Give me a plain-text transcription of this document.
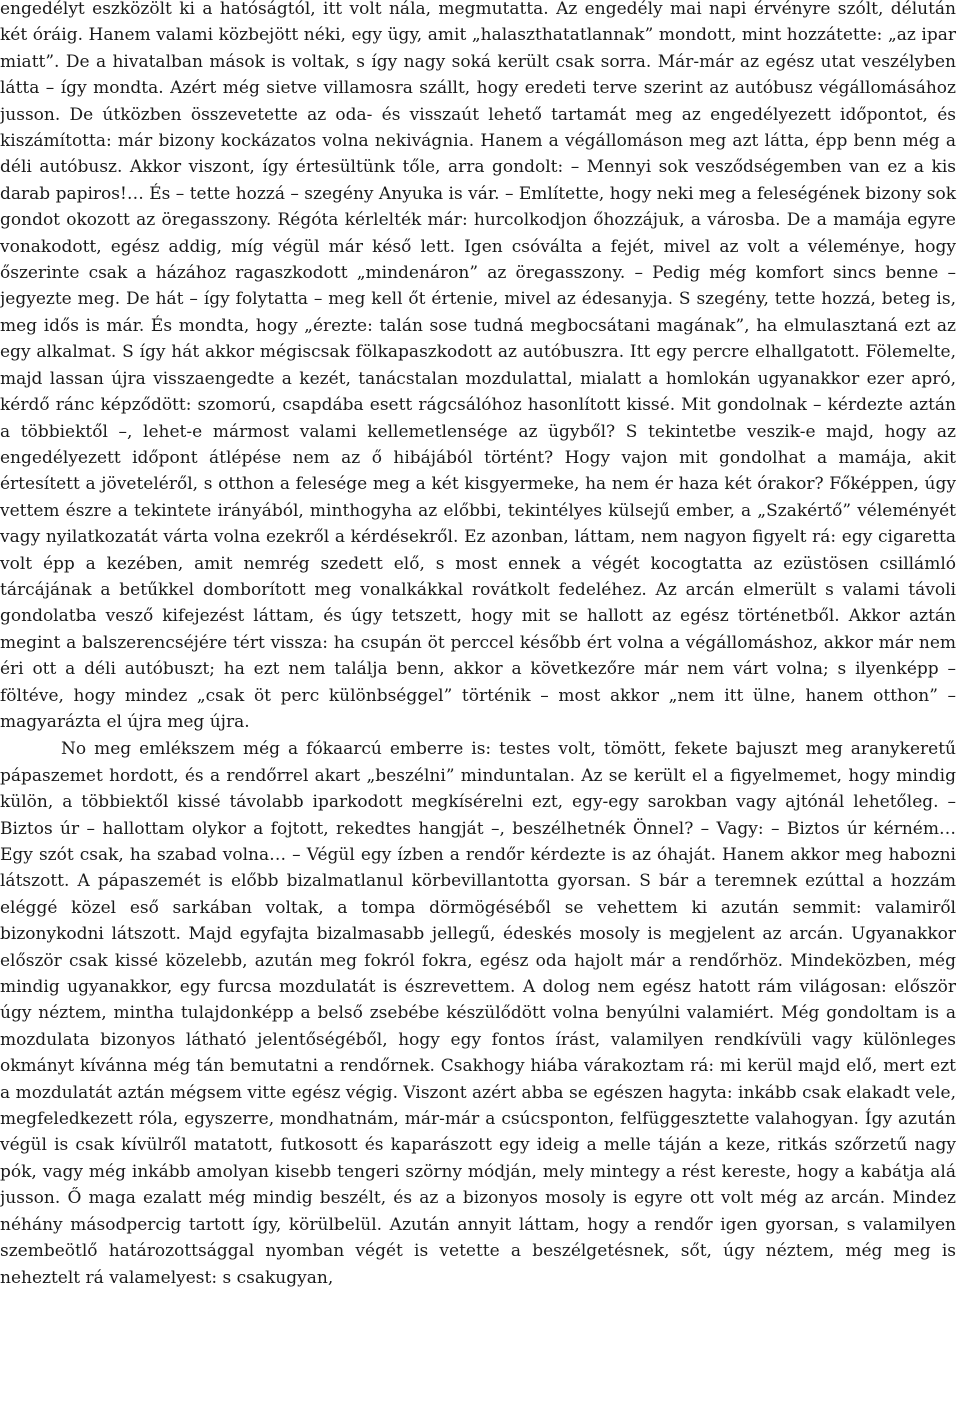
engedélyt eszközölt ki a hatóságtól, itt volt nála, megmutatta. Az engedély mai napi érvényre szólt, délután két óráig. Hanem valami közbejött néki, egy ügy, amit „halaszthatatlannak” mondott, mint hozzátette: „az ipar miatt”. De a hivatalban mások is voltak, s így nagy soká került csak sorra. Már-már az egész utat veszélyben látta – így mondta. Azért még sietve villamosra szállt, hogy eredeti terve szerint az autóbusz végállomásához jusson. De útközben összevetette az oda- és visszaút lehető tartamát meg az engedélyezett időpontot, és kiszámította: már bizony kockázatos volna nekivágnia. Hanem a végállomáson meg azt látta, épp benn még a déli autóbusz. Akkor viszont, így értesültünk tőle, arra gondolt: – Mennyi sok vesződségemben van ez a kis darab papiros!… És – tette hozzá – szegény Anyuka is vár. – Említette, hogy neki meg a feleségének bizony sok gondot okozott az öregasszony. Régóta kérlelték már: hurcolkodjon őhozzájuk, a városba. De a mamája egyre vonakodott, egész addig, míg végül már késő lett. Igen csóválta a fejét, mivel az volt a véleménye, hogy őszerinte csak a házához ragaszkodott „mindenáron” az öregasszony. – Pedig még komfort sincs benne – jegyezte meg. De hát – így folytatta – meg kell őt értenie, mivel az édesanyja. S szegény, tette hozzá, beteg is, meg idős is már. És mondta, hogy „érezte: talán sose tudná megbocsátani magának”, ha elmulasztaná ezt az egy alkalmat. S így hát akkor mégiscsak fölkapaszkodott az autóbuszra. Itt egy percre elhallgatott. Fölemelte, majd lassan újra visszaengedte a kezét, tanácstalan mozdulattal, mialatt a homlokán ugyanakkor ezer apró, kérdő ránc képződött: szomorú, csapdába esett rágcsálóhoz hasonlított kissé. Mit gondolnak – kérdezte aztán a többiektől –, lehet-e mármost valami kellemetlensége az ügyből? S tekintetbe veszik-e majd, hogy az engedélyezett időpont átlépése nem az ő hibájából történt? Hogy vajon mit gondolhat a mamája, akit értesített a jöveteléről, s otthon a felesége meg a két kisgyermeke, ha nem ér haza két órakor? Főképpen, úgy vettem észre a tekintete irányából, minthogyha az előbbi, tekintélyes külsejű ember, a „Szakértő” véleményét vagy nyilatkozatát várta volna ezekről a kérdésekről. Ez azonban, láttam, nem nagyon figyelt rá: egy cigaretta volt épp a kezében, amit nemrég szedett elő, s most ennek a végét kocogtatta az ezüstösen csillámló tárcájának a betűkkel domborított meg vonalkákkal rovátkolt fedeléhez. Az arcán elmerült s valami távoli gondolatba vesző kifejezést láttam, és úgy tetszett, hogy mit se hallott az egész történetből. Akkor aztán megint a balszerencséjére tért vissza: ha csupán öt perccel később ért volna a végállomáshoz, akkor már nem éri ott a déli autóbuszt; ha ezt nem találja benn, akkor a következőre már nem várt volna; s ilyenképp – föltéve, hogy mindez „csak öt perc különbséggel” történik – most akkor „nem itt ülne, hanem otthon” – magyarázta el újra meg újra.

No meg emlékszem még a fókaarcú emberre is: testes volt, tömött, fekete bajuszt meg aranykeretű pápaszemet hordott, és a rendőrrel akart „beszélni” minduntalan. Az se került el a figyelmemet, hogy mindig külön, a többiektől kissé távolabb iparkodott megkísérelni ezt, egy-egy sarokban vagy ajtónál lehetőleg. – Biztos úr – hallottam olykor a fojtott, rekedtes hangját –, beszélhetnék Önnel? – Vagy: – Biztos úr kérném… Egy szót csak, ha szabad volna… – Végül egy ízben a rendőr kérdezte is az óhaját. Hanem akkor meg habozni látszott. A pápaszemét is előbb bizalmatlanul körbevillantotta gyorsan. S bár a teremnek ezúttal a hozzám eléggé közel eső sarkában voltak, a tompa dörmögéséből se vehettem ki azután semmit: valamiről bizonykodni látszott. Majd egyfajta bizalmasabb jellegű, édeskés mosoly is megjelent az arcán. Ugyanakkor először csak kissé közelebb, azután meg fokról fokra, egész oda hajolt már a rendőrhöz. Mindeközben, még mindig ugyanakkor, egy furcsa mozdulatát is észrevettem. A dolog nem egész hatott rám világosan: először úgy néztem, mintha tulajdonképp a belső zsebébe készülődött volna benyúlni valamiért. Még gondoltam is a mozdulata bizonyos látható jelentőségéből, hogy egy fontos írást, valamilyen rendkívüli vagy különleges okmányt kívánna még tán bemutatni a rendőrnek. Csakhogy hiába várakoztam rá: mi kerül majd elő, mert ezt a mozdulatát aztán mégsem vitte egész végig. Viszont azért abba se egészen hagyta: inkább csak elakadt vele, megfeledkezett róla, egyszerre, mondhatnám, már-már a csúcsponton, felfüggesztette valahogyan. Így azután végül is csak kívülről matatott, futkosott és kaparászott egy ideig a melle táján a keze, ritkás szőrzetű nagy pók, vagy még inkább amolyan kisebb tengeri szörny módján, mely mintegy a rést kereste, hogy a kabátja alá jusson. Ő maga ezalatt még mindig beszélt, és az a bizonyos mosoly is egyre ott volt még az arcán. Mindez néhány másodpercig tartott így, körülbelül. Azután annyit láttam, hogy a rendőr igen gyorsan, s valamilyen szembeötlő határozottsággal nyomban végét is vetette a beszélgetésnek, sőt, úgy néztem, még meg is neheztelt rá valamelyest: s csakugyan,
